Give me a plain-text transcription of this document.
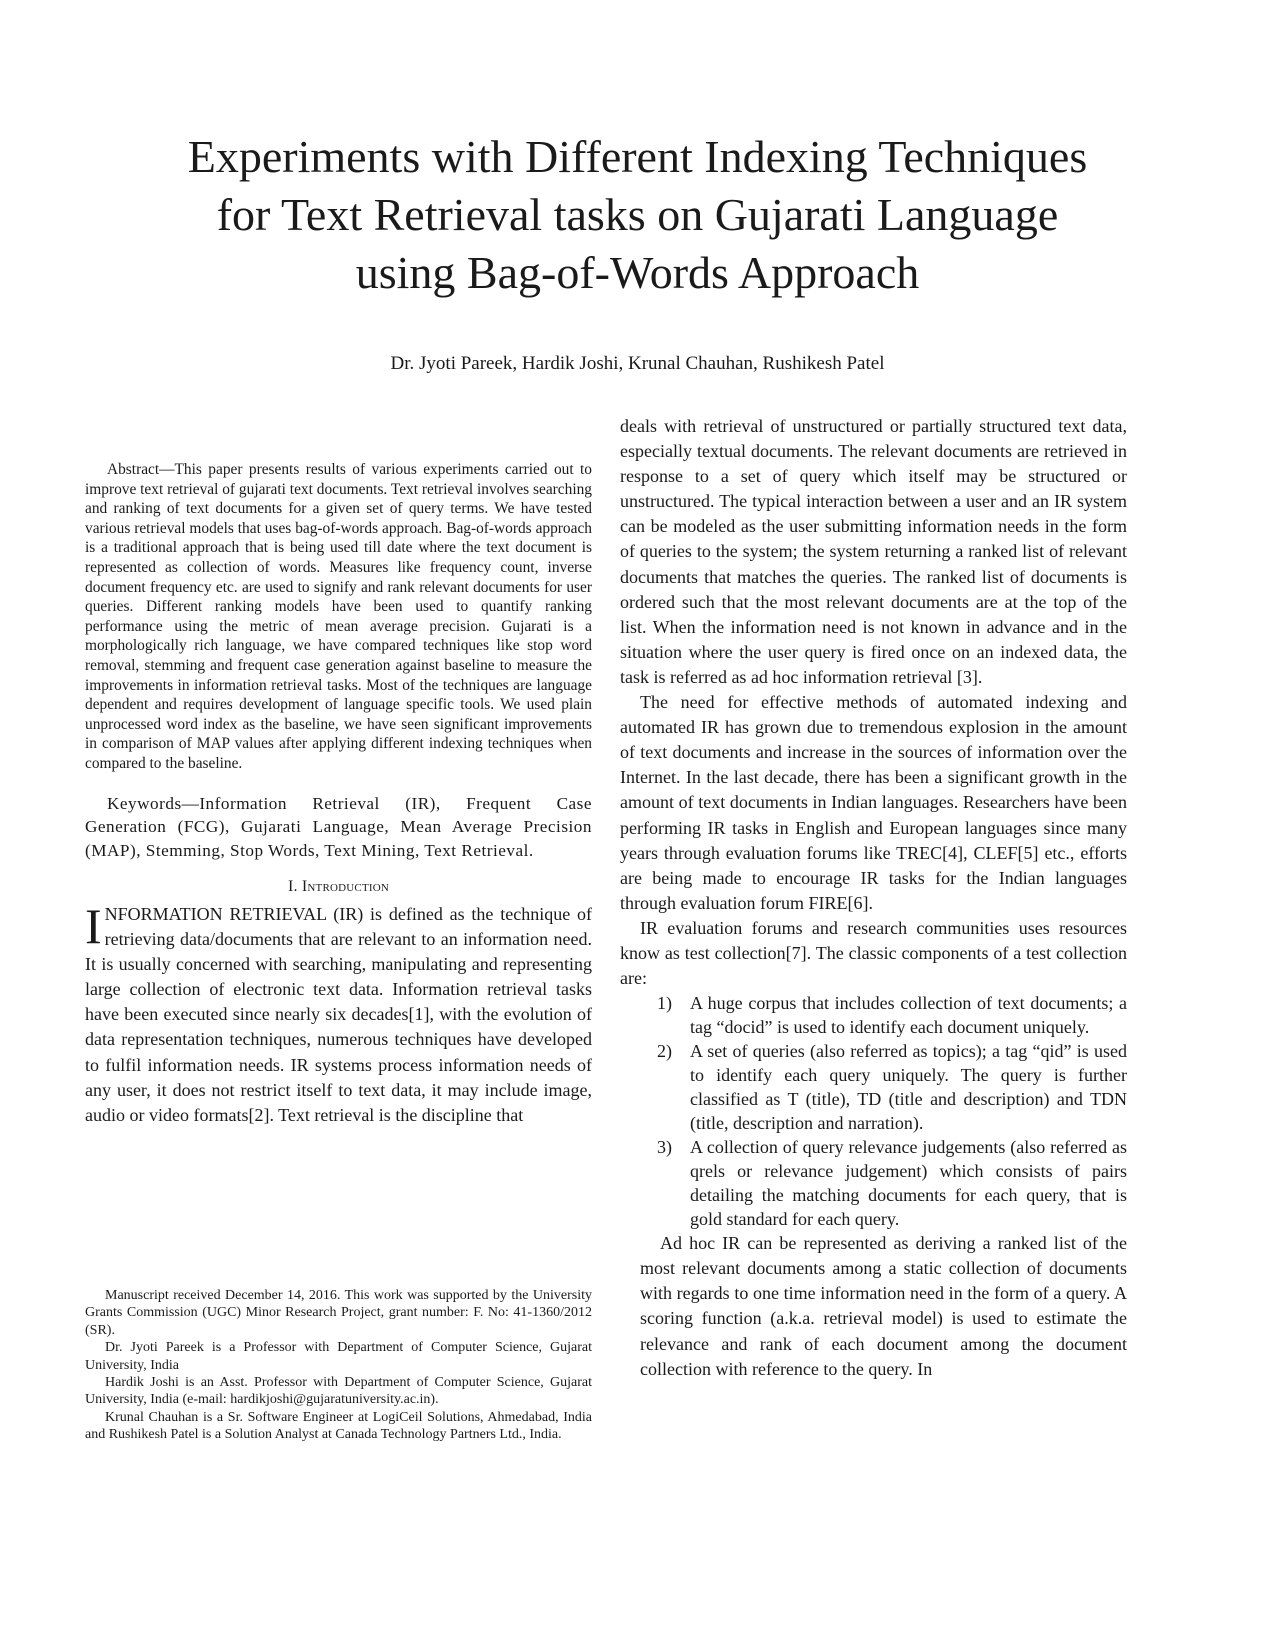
Experiments with Different Indexing Techniques
for Text Retrieval tasks on Gujarati Language
using Bag-of-Words Approach
Dr. Jyoti Pareek, Hardik Joshi, Krunal Chauhan, Rushikesh Patel

Abstract—This paper presents results of various experiments carried out to improve text retrieval of gujarati text documents. Text retrieval involves searching and ranking of text documents for a given set of query terms. We have tested various retrieval models that uses bag-of-words approach. Bag-of-words approach is a traditional approach that is being used till date where the text document is represented as collection of words. Measures like frequency count, inverse document frequency etc. are used to signify and rank relevant documents for user queries. Different ranking models have been used to quantify ranking performance using the metric of mean average precision. Gujarati is a morphologically rich language, we have compared techniques like stop word removal, stemming and frequent case generation against baseline to measure the improvements in information retrieval tasks. Most of the techniques are language dependent and requires development of language specific tools. We used plain unprocessed word index as the baseline, we have seen significant improvements in comparison of MAP values after applying different indexing techniques when compared to the baseline.

Keywords—Information Retrieval (IR), Frequent Case Generation (FCG), Gujarati Language, Mean Average Precision (MAP), Stemming, Stop Words, Text Mining, Text Retrieval.

I. Introduction

INFORMATION RETRIEVAL (IR) is defined as the technique of retrieving data/documents that are relevant to an information need. It is usually concerned with searching, manipulating and representing large collection of electronic text data. Information retrieval tasks have been executed since nearly six decades[1], with the evolution of data representation techniques, numerous techniques have developed to fulfil information needs. IR systems process information needs of any user, it does not restrict itself to text data, it may include image, audio or video formats[2]. Text retrieval is the discipline that

Manuscript received December 14, 2016. This work was supported by the University Grants Commission (UGC) Minor Research Project, grant number: F. No: 41-1360/2012 (SR).

Dr. Jyoti Pareek is a Professor with Department of Computer Science, Gujarat University, India

Hardik Joshi is an Asst. Professor with Department of Computer Science, Gujarat University, India (e-mail: hardikjoshi@gujaratuniversity.ac.in).

Krunal Chauhan is a Sr. Software Engineer at LogiCeil Solutions, Ahmedabad, India and Rushikesh Patel is a Solution Analyst at Canada Technology Partners Ltd., India.

deals with retrieval of unstructured or partially structured text data, especially textual documents. The relevant documents are retrieved in response to a set of query which itself may be structured or unstructured. The typical interaction between a user and an IR system can be modeled as the user submitting information needs in the form of queries to the system; the system returning a ranked list of relevant documents that matches the queries. The ranked list of documents is ordered such that the most relevant documents are at the top of the list. When the information need is not known in advance and in the situation where the user query is fired once on an indexed data, the task is referred as ad hoc information retrieval [3].

The need for effective methods of automated indexing and automated IR has grown due to tremendous explosion in the amount of text documents and increase in the sources of information over the Internet. In the last decade, there has been a significant growth in the amount of text documents in Indian languages. Researchers have been performing IR tasks in English and European languages since many years through evaluation forums like TREC[4], CLEF[5] etc., efforts are being made to encourage IR tasks for the Indian languages through evaluation forum FIRE[6].

IR evaluation forums and research communities uses resources know as test collection[7]. The classic components of a test collection are:

1) A huge corpus that includes collection of text documents; a tag “docid” is used to identify each document uniquely.
2) A set of queries (also referred as topics); a tag “qid” is used to identify each query uniquely. The query is further classified as T (title), TD (title and description) and TDN (title, description and narration).
3) A collection of query relevance judgements (also referred as qrels or relevance judgement) which consists of pairs detailing the matching documents for each query, that is gold standard for each query.

Ad hoc IR can be represented as deriving a ranked list of the most relevant documents among a static collection of documents with regards to one time information need in the form of a query. A scoring function (a.k.a. retrieval model) is used to estimate the relevance and rank of each document among the document collection with reference to the query. In
